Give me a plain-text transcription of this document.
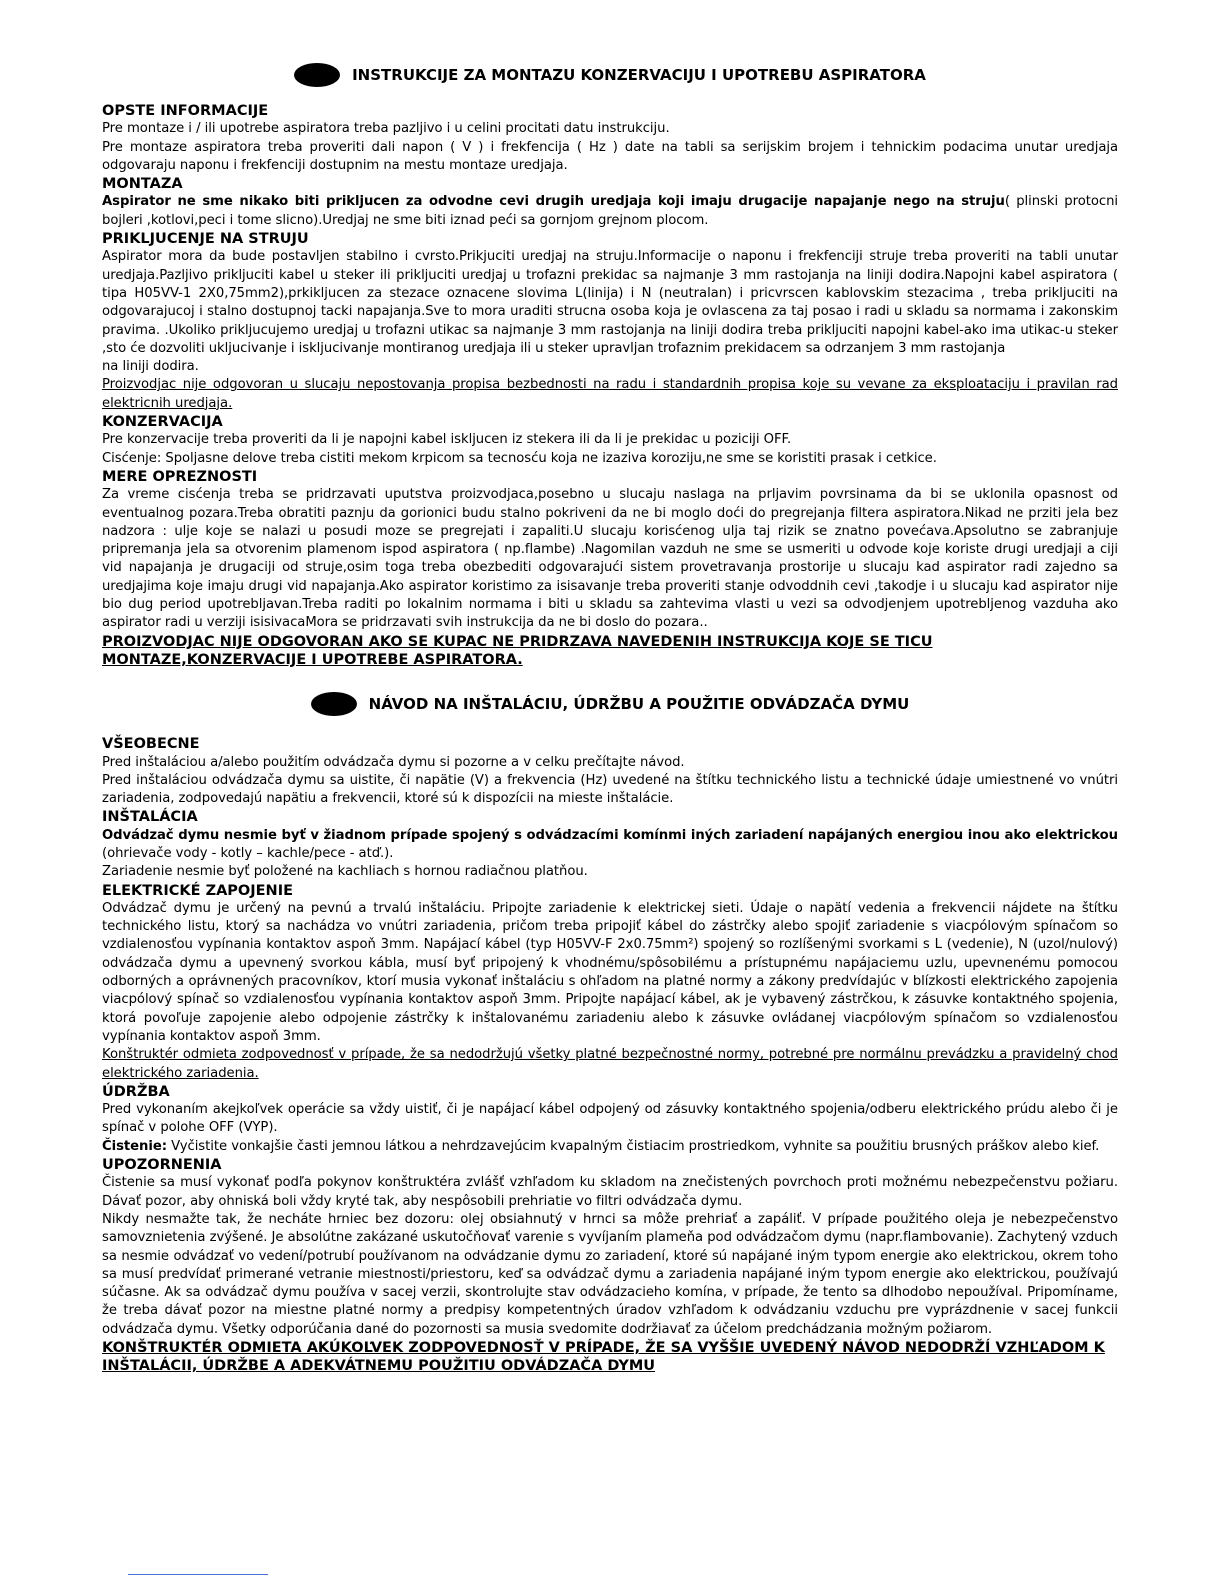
INSTRUKCIJE ZA MONTAZU KONZERVACIJU I UPOTREBU ASPIRATORA
OPSTE INFORMACIJE
Pre montaze i / ili upotrebe aspiratora treba pazljivo i u celini procitati datu instrukciju.
Pre montaze aspiratora treba proveriti dali napon ( V ) i frekfencija ( Hz ) date na tabli sa serijskim brojem i tehnickim podacima unutar uredjaja odgovaraju naponu i frekfenciji dostupnim na mestu montaze uredjaja.
MONTAZA
Aspirator ne sme nikako biti prikljucen za odvodne cevi drugih uredjaja koji imaju drugacije napajanje nego na struju( plinski protocni bojleri ,kotlovi,peci i tome slicno).Uredjaj ne sme biti iznad peći sa gornjom grejnom plocom.
PRIKLJUCENJE NA STRUJU
Aspirator mora da bude postavljen stabilno i cvrsto.Prikjuciti uredjaj na struju.Informacije o naponu i frekfenciji struje treba proveriti na tabli unutar uredjaja.Pazljivo prikljuciti kabel u steker ili prikljuciti uredjaj u trofazni prekidac sa najmanje 3 mm rastojanja na liniji dodira.Napojni kabel aspiratora ( tipa H05VV-1 2X0,75mm2),prkiklјucen za stezace oznacene slovima L(linija) i N (neutralan) i pricvrscen kablovskim stezacima , treba prikljuciti na odgovarajucoj i stalno dostupnoj tacki napajanja.Sve to mora uraditi strucna osoba koja je ovlascena za taj posao i radi u skladu sa normama i zakonskim pravima. .Ukoliko prikljucujemo uredjaj u trofazni utikac sa najmanje 3 mm rastojanja na liniji dodira treba prikljuciti napojni kabel-ako ima utikac-u steker ,sto će dozvoliti ukljucivanje i iskljucivanje montiranog uredjaja ili u steker upravljan trofaznim prekidacem sa odrzanjem 3 mm rastojanja
na liniji dodira.
Proizvodjac nije odgovoran u slucaju nepostovanja propisa bezbednosti na radu i standardnih propisa koje su vevane za eksploataciju i pravilan rad elektricnih uredjaja.
KONZERVACIJA
Pre konzervacije treba proveriti da li je napojni kabel iskljucen iz stekera ili da li je prekidac u poziciji OFF.
Cisćenje: Spoljasne delove treba cistiti mekom krpicom sa tecnosću koja ne izaziva koroziju,ne sme se koristiti prasak i cetkice.
MERE OPREZNOSTI
Za vreme cisćenja treba se pridrzavati uputstva proizvodjaca,posebno u slucaju naslaga na prljavim povrsinama da bi se uklonila opasnost od eventualnog pozara.Treba obratiti paznju da gorionici budu stalno pokriveni da ne bi moglo doći do pregrejanja filtera aspiratora.Nikad ne prziti jela bez nadzora : ulje koje se nalazi u posudi moze se pregrejati i zapaliti.U slucaju korisćenog ulja taj rizik se znatno povećava.Apsolutno se zabranjuje pripremanja jela sa otvorenim plamenom ispod aspiratora ( np.flambe) .Nagomilan vazduh ne sme se usmeriti u odvode koje koriste drugi uredjaji a ciji vid napajanja je drugaciji od struje,osim toga treba obezbediti odgovarajući sistem provetravanja prostorije u slucaju kad aspirator radi zajedno sa uredjajima koje imaju drugi vid napajanja.Ako aspirator koristimo za isisavanje treba proveriti stanje odvoddnih cevi ,takodje i u slucaju kad aspirator nije bio dug period upotrebljavan.Treba raditi po lokalnim normama i biti u skladu sa zahtevima vlasti u vezi sa odvodjenjem upotrebljenog vazduha ako aspirator radi u verziji isisivacaMora se pridrzavati svih instrukcija da ne bi doslo do pozara..
PROIZVODJAC NIJE ODGOVORAN AKO SE KUPAC NE PRIDRZAVA NAVEDENIH INSTRUKCIJA KOJE SE TICU MONTAZE,KONZERVACIJE I UPOTREBE ASPIRATORA.
NÁVOD NA INŠTALÁCIU, ÚDRŽBU A POUŽITIE ODVÁDZAČA DYMU
VŠEOBECNE
Pred inštaláciou a/alebo použitím odvádzača dymu si pozorne a v celku prečítajte návod.
Pred inštaláciou odvádzača dymu sa uistite, či napätie (V) a frekvencia (Hz) uvedené na štítku technického listu a technické údaje umiestnené vo vnútri zariadenia, zodpovedajú napätiu a frekvencii, ktoré sú k dispozícii na mieste inštalácie.
INŠTALÁCIA
Odvádzač dymu nesmie byť v žiadnom prípade spojený s odvádzacími komínmi iných zariadení napájaných energiou inou ako elektrickou (ohrievače vody - kotly – kachle/pece - atď.).
Zariadenie nesmie byť položené na kachliach s hornou radiačnou platňou.
ELEKTRICKÉ ZAPOJENIE
Odvádzač dymu je určený na pevnú a trvalú inštaláciu. Pripojte zariadenie k elektrickej sieti. Údaje o napätí vedenia a frekvencii nájdete na štítku technického listu, ktorý sa nachádza vo vnútri zariadenia, pričom treba pripojiť kábel do zástrčky alebo spojiť zariadenie s viacpólovým spínačom so vzdialenosťou vypínania kontaktov aspoň 3mm. Napájací kábel (typ H05VV-F 2x0.75mm²) spojený so rozlíšenými svorkami s L (vedenie), N (uzol/nulový) odvádzača dymu a upevnený svorkou kábla, musí byť pripojený k vhodnému/spôsobilému a prístupnému napájaciemu uzlu, upevnenému pomocou odborných a oprávnených pracovníkov, ktorí musia vykonať inštaláciu s ohľadom na platné normy a zákony predvídajúc v blízkosti elektrického zapojenia viacpólový spínač so vzdialenosťou vypínania kontaktov aspoň 3mm. Pripojte napájací kábel, ak je vybavený zástrčkou, k zásuvke kontaktného spojenia, ktorá povoľuje zapojenie alebo odpojenie zástrčky k inštalovanému zariadeniu alebo k zásuvke ovládanej viacpólovým spínačom so vzdialenosťou vypínania kontaktov aspoň 3mm.
Konštruktér odmieta zodpovednosť v prípade, že sa nedodržujú všetky platné bezpečnostné normy, potrebné pre normálnu prevádzku a pravidelný chod elektrického zariadenia.
ÚDRŽBA
Pred vykonaním akejkoľvek operácie sa vždy uistiť, či je napájací kábel odpojený od zásuvky kontaktného spojenia/odberu elektrického prúdu alebo či je spínač v polohe OFF (VYP).
Čistenie: Vyčistite vonkajšie časti jemnou látkou a nehrdzavejúcim kvapalným čistiacim prostriedkom, vyhnite sa použitiu brusných práškov alebo kief.
UPOZORNENIA
Čistenie sa musí vykonať podľa pokynov konštruktéra zvlášť vzhľadom ku skladom na znečistených povrchoch proti možnému nebezpečenstvu požiaru. Dávať pozor, aby ohniská boli vždy kryté tak, aby nespôsobili prehriatie vo filtri odvádzača dymu.
Nikdy nesmažte tak, že necháte hrniec bez dozoru: olej obsiahnutý v hrnci sa môže prehriať a zapáliť. V prípade použitého oleja je nebezpečenstvo samovznietenia zvýšené. Je absolútne zakázané uskutočňovať varenie s vyvíjaním plameňa pod odvádzačom dymu (napr.flambovanie). Zachytený vzduch sa nesmie odvádzať vo vedení/potrubí používanom na odvádzanie dymu zo zariadení, ktoré sú napájané iným typom energie ako elektrickou, okrem toho sa musí predvídať primerané vetranie miestnosti/priestoru, keď sa odvádzač dymu a zariadenia napájané iným typom energie ako elektrickou, používajú súčasne. Ak sa odvádzač dymu používa v sacej verzii, skontrolujte stav odvádzacieho komína, v prípade, že tento sa dlhodobo nepoužíval. Pripomíname, že treba dávať pozor na miestne platné normy a predpisy kompetentných úradov vzhľadom k odvádzaniu vzduchu pre vyprázdnenie v sacej funkcii odvádzača dymu. Všetky odporúčania dané do pozornosti sa musia svedomite dodržiavať za účelom predchádzania možným požiarom.
KONŠTRUKTÉR ODMIETA AKÚKOĽVEK ZODPOVEDNOSŤ V PRÍPADE, ŽE SA VYŠŠIE UVEDENÝ NÁVOD NEDODRŽÍ VZHĽADOM K INŠTALÁCII, ÚDRŽBE A ADEKVÁTNEMU POUŽITIU ODVÁDZAČA DYMU
